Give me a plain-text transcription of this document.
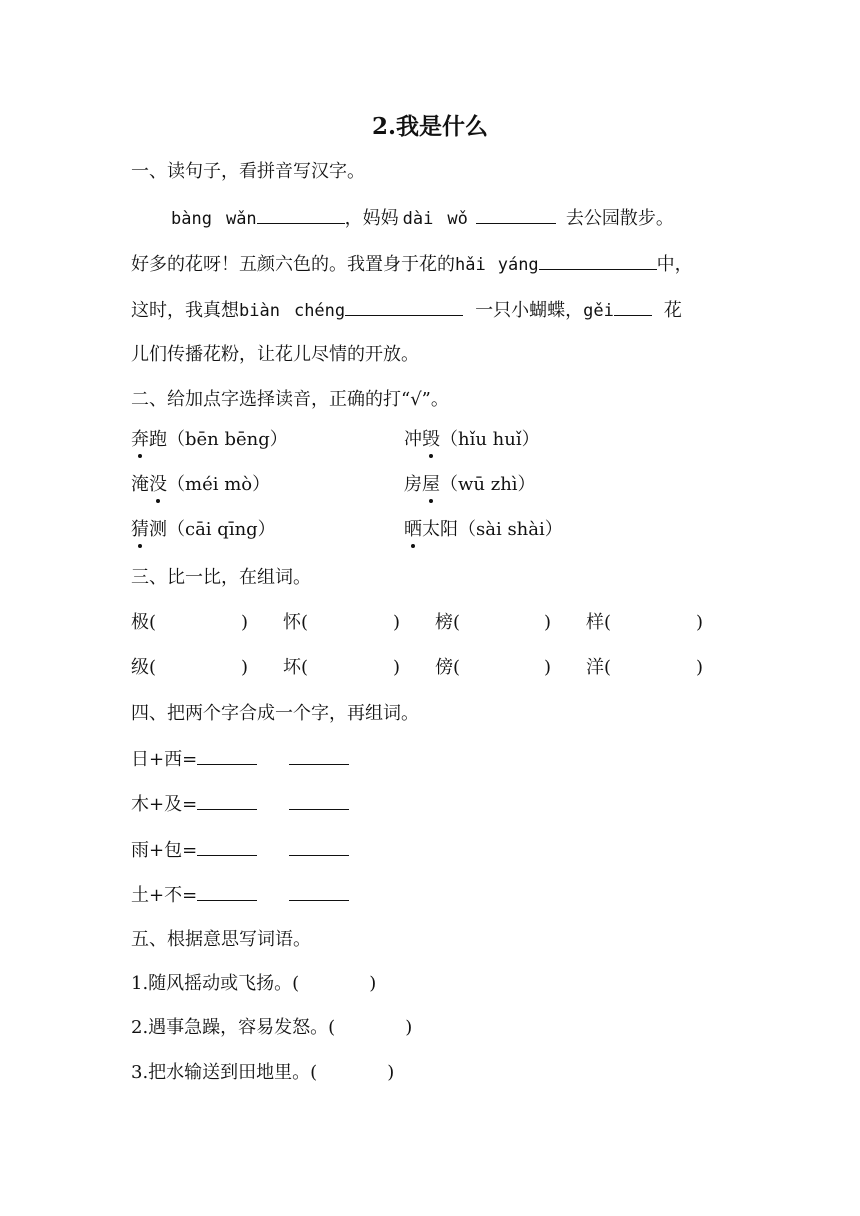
2.我是什么
一、读句子，看拼音写汉字。
bàng wǎn	，妈妈 dài wǒ	去公园散步。
好多的花呀！五颜六色的。我置身于花的hǎi yáng	中，
这时，我真想biàn chéng	一只小蝴蝶，gěi	花
儿们传播花粉，让花儿尽情的开放。
二、给加点字选择读音，正确的打“√”。
奔跑（bēn bēng）	冲毁（hǐu huǐ）
淹没（méi mò）	房屋（wū zhì）
猜测（cāi qīng）	晒太阳（sài shài）
三、比一比，在组词。
极(	) 怀(	) 榜(	) 样(	)
级(	) 坏(	) 傍(	) 洋(	)
四、把两个字合成一个字，再组词。
日+西=
木+及=
雨+包=
土+不=
五、根据意思写词语。
1.随风摇动或飞扬。(	)
2.遇事急躁，容易发怒。(	)
3.把水输送到田地里。(	)
